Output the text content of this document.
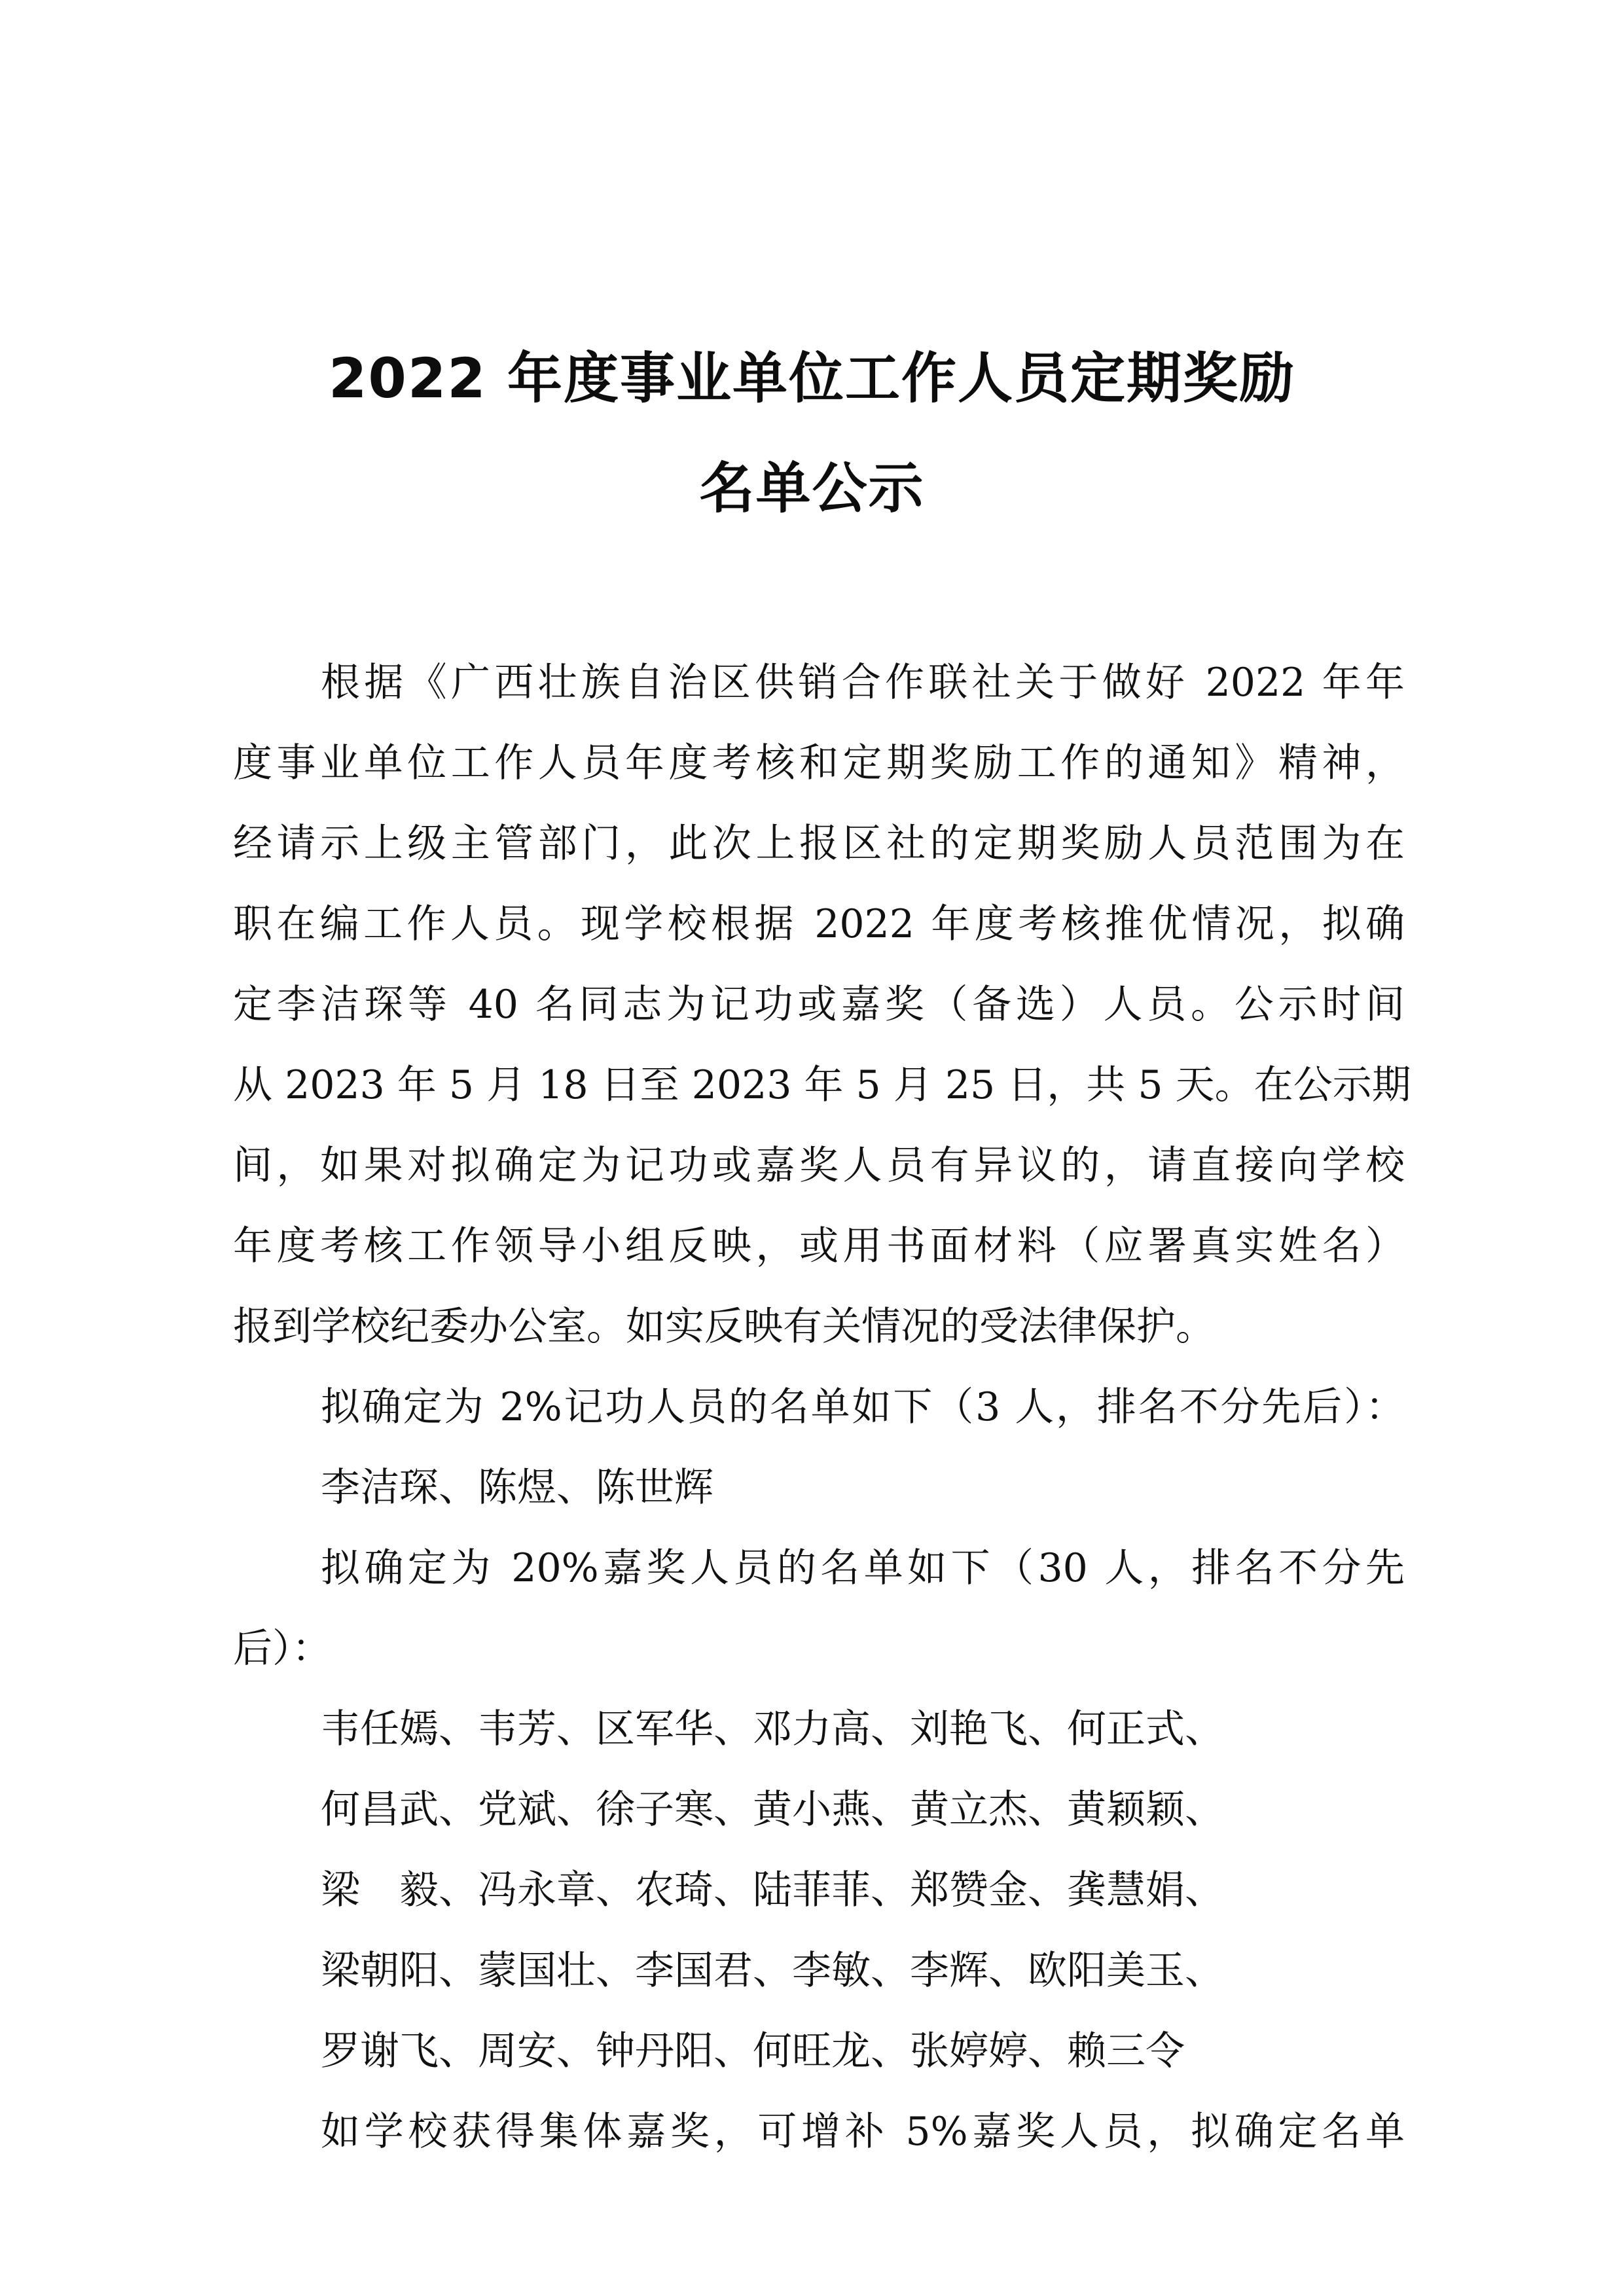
2022 年度事业单位工作人员定期奖励
名单公示
根据《广西壮族自治区供销合作联社关于做好 2022 年年
度事业单位工作人员年度考核和定期奖励工作的通知》精神，
经请示上级主管部门，此次上报区社的定期奖励人员范围为在
职在编工作人员。现学校根据 2022 年度考核推优情况，拟确
定李洁琛等 40 名同志为记功或嘉奖（备选）人员。公示时间
从 2023 年 5 月 18 日至 2023 年 5 月 25 日，共 5 天。在公示期
间，如果对拟确定为记功或嘉奖人员有异议的，请直接向学校
年度考核工作领导小组反映，或用书面材料（应署真实姓名）
报到学校纪委办公室。如实反映有关情况的受法律保护。
拟确定为 2%记功人员的名单如下（3 人，排名不分先后）：
李洁琛、陈煜、陈世辉
拟确定为 20%嘉奖人员的名单如下（30 人，排名不分先
后）：
韦任嫣、韦芳、区军华、邓力高、刘艳飞、何正式、
何昌武、党斌、徐子寒、黄小燕、黄立杰、黄颖颖、
梁　毅、冯永章、农琦、陆菲菲、郑赞金、龚慧娟、
梁朝阳、蒙国壮、李国君、李敏、李辉、欧阳美玉、
罗谢飞、周安、钟丹阳、何旺龙、张婷婷、赖三令
如学校获得集体嘉奖，可增补 5%嘉奖人员，拟确定名单
